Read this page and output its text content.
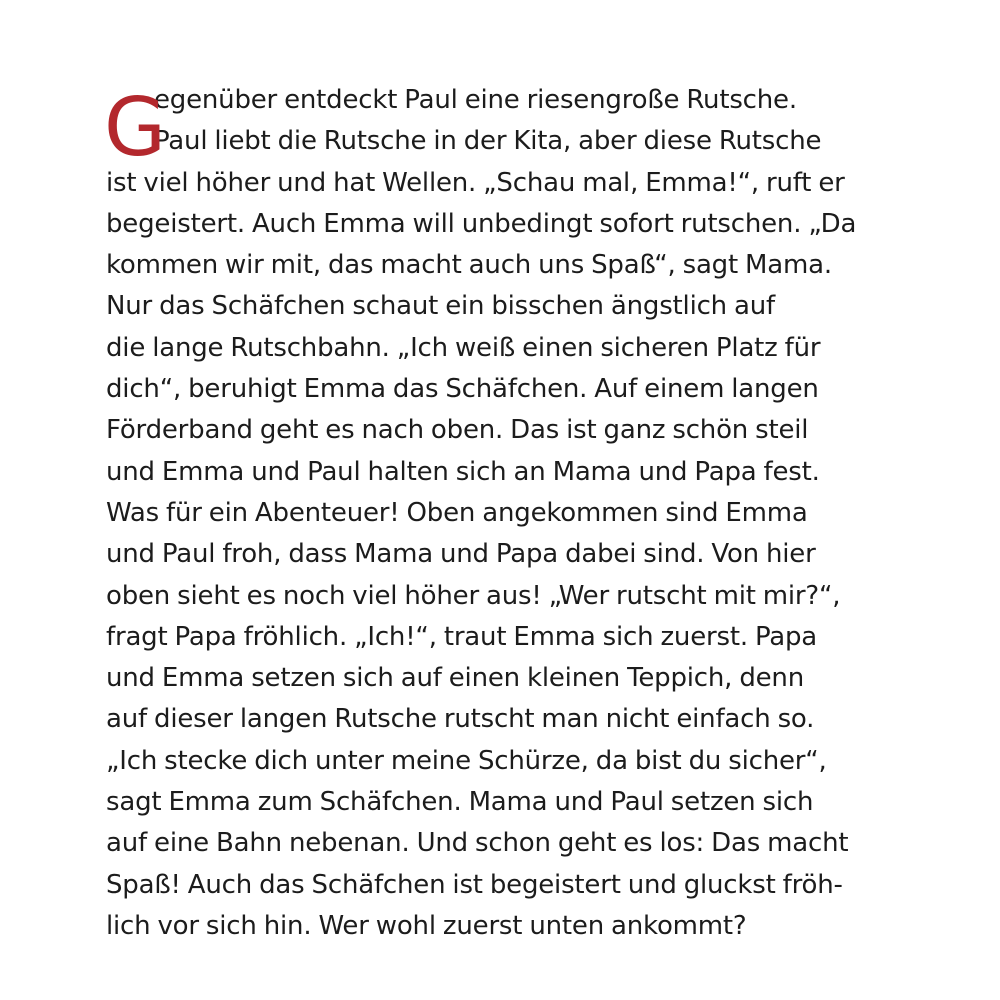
G
egenüber entdeckt Paul eine riesengroße Rutsche.
Paul liebt die Rutsche in der Kita, aber diese Rutsche
ist viel höher und hat Wellen. „Schau mal, Emma!“, ruft er
begeistert. Auch Emma will unbedingt sofort rutschen. „Da
kommen wir mit, das macht auch uns Spaß“, sagt Mama.
Nur das Schäfchen schaut ein bisschen ängstlich auf
die lange Rutschbahn. „Ich weiß einen sicheren Platz für
dich“, beruhigt Emma das Schäfchen. Auf einem langen
Förderband geht es nach oben. Das ist ganz schön steil
und Emma und Paul halten sich an Mama und Papa fest.
Was für ein Abenteuer! Oben angekommen sind Emma
und Paul froh, dass Mama und Papa dabei sind. Von hier
oben sieht es noch viel höher aus! „Wer rutscht mit mir?“,
fragt Papa fröhlich. „Ich!“, traut Emma sich zuerst. Papa
und Emma setzen sich auf einen kleinen Teppich, denn
auf dieser langen Rutsche rutscht man nicht einfach so.
„Ich stecke dich unter meine Schürze, da bist du sicher“,
sagt Emma zum Schäfchen. Mama und Paul setzen sich
auf eine Bahn nebenan. Und schon geht es los: Das macht
Spaß! Auch das Schäfchen ist begeistert und gluckst fröh-
lich vor sich hin. Wer wohl zuerst unten ankommt?
